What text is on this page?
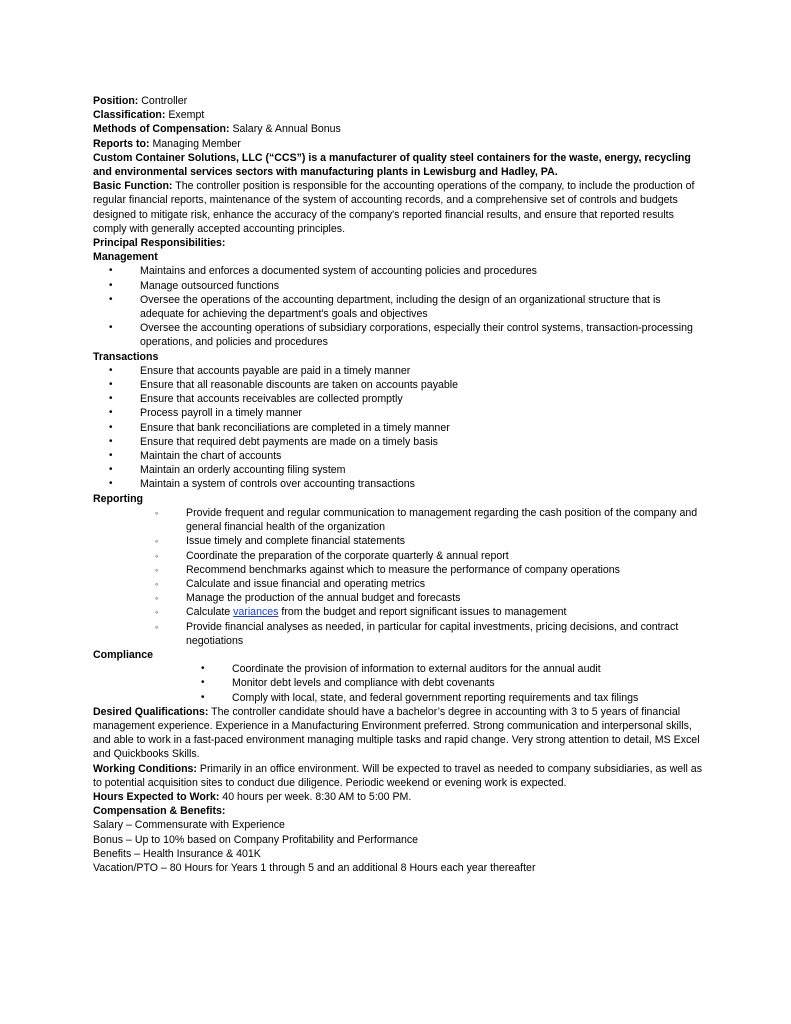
Position: Controller
Classification: Exempt
Methods of Compensation: Salary & Annual Bonus
Reports to: Managing Member
Custom Container Solutions, LLC (“CCS”) is a manufacturer of quality steel containers for the waste, energy, recycling and environmental services sectors with manufacturing plants in Lewisburg and Hadley, PA.
Basic Function: The controller position is responsible for the accounting operations of the company, to include the production of regular financial reports, maintenance of the system of accounting records, and a comprehensive set of controls and budgets designed to mitigate risk, enhance the accuracy of the company's reported financial results, and ensure that reported results comply with generally accepted accounting principles.
Principal Responsibilities:
Management
• Maintains and enforces a documented system of accounting policies and procedures
• Manage outsourced functions
• Oversee the operations of the accounting department, including the design of an organizational structure that is adequate for achieving the department's goals and objectives
• Oversee the accounting operations of subsidiary corporations, especially their control systems, transaction-processing operations, and policies and procedures
Transactions
• Ensure that accounts payable are paid in a timely manner
• Ensure that all reasonable discounts are taken on accounts payable
• Ensure that accounts receivables are collected promptly
• Process payroll in a timely manner
• Ensure that bank reconciliations are completed in a timely manner
• Ensure that required debt payments are made on a timely basis
• Maintain the chart of accounts
• Maintain an orderly accounting filing system
• Maintain a system of controls over accounting transactions
Reporting
◦ Provide frequent and regular communication to management regarding the cash position of the company and general financial health of the organization
◦ Issue timely and complete financial statements
◦ Coordinate the preparation of the corporate quarterly & annual report
◦ Recommend benchmarks against which to measure the performance of company operations
◦ Calculate and issue financial and operating metrics
◦ Manage the production of the annual budget and forecasts
◦ Calculate variances from the budget and report significant issues to management
◦ Provide financial analyses as needed, in particular for capital investments, pricing decisions, and contract negotiations
Compliance
• Coordinate the provision of information to external auditors for the annual audit
• Monitor debt levels and compliance with debt covenants
• Comply with local, state, and federal government reporting requirements and tax filings
Desired Qualifications: The controller candidate should have a bachelor’s degree in accounting with 3 to 5 years of financial management experience. Experience in a Manufacturing Environment preferred. Strong communication and interpersonal skills, and able to work in a fast-paced environment managing multiple tasks and rapid change. Very strong attention to detail, MS Excel and Quickbooks Skills.
Working Conditions: Primarily in an office environment. Will be expected to travel as needed to company subsidiaries, as well as to potential acquisition sites to conduct due diligence. Periodic weekend or evening work is expected.
Hours Expected to Work: 40 hours per week. 8:30 AM to 5:00 PM.
Compensation & Benefits:
Salary – Commensurate with Experience
Bonus – Up to 10% based on Company Profitability and Performance
Benefits – Health Insurance & 401K
Vacation/PTO – 80 Hours for Years 1 through 5 and an additional 8 Hours each year thereafter
